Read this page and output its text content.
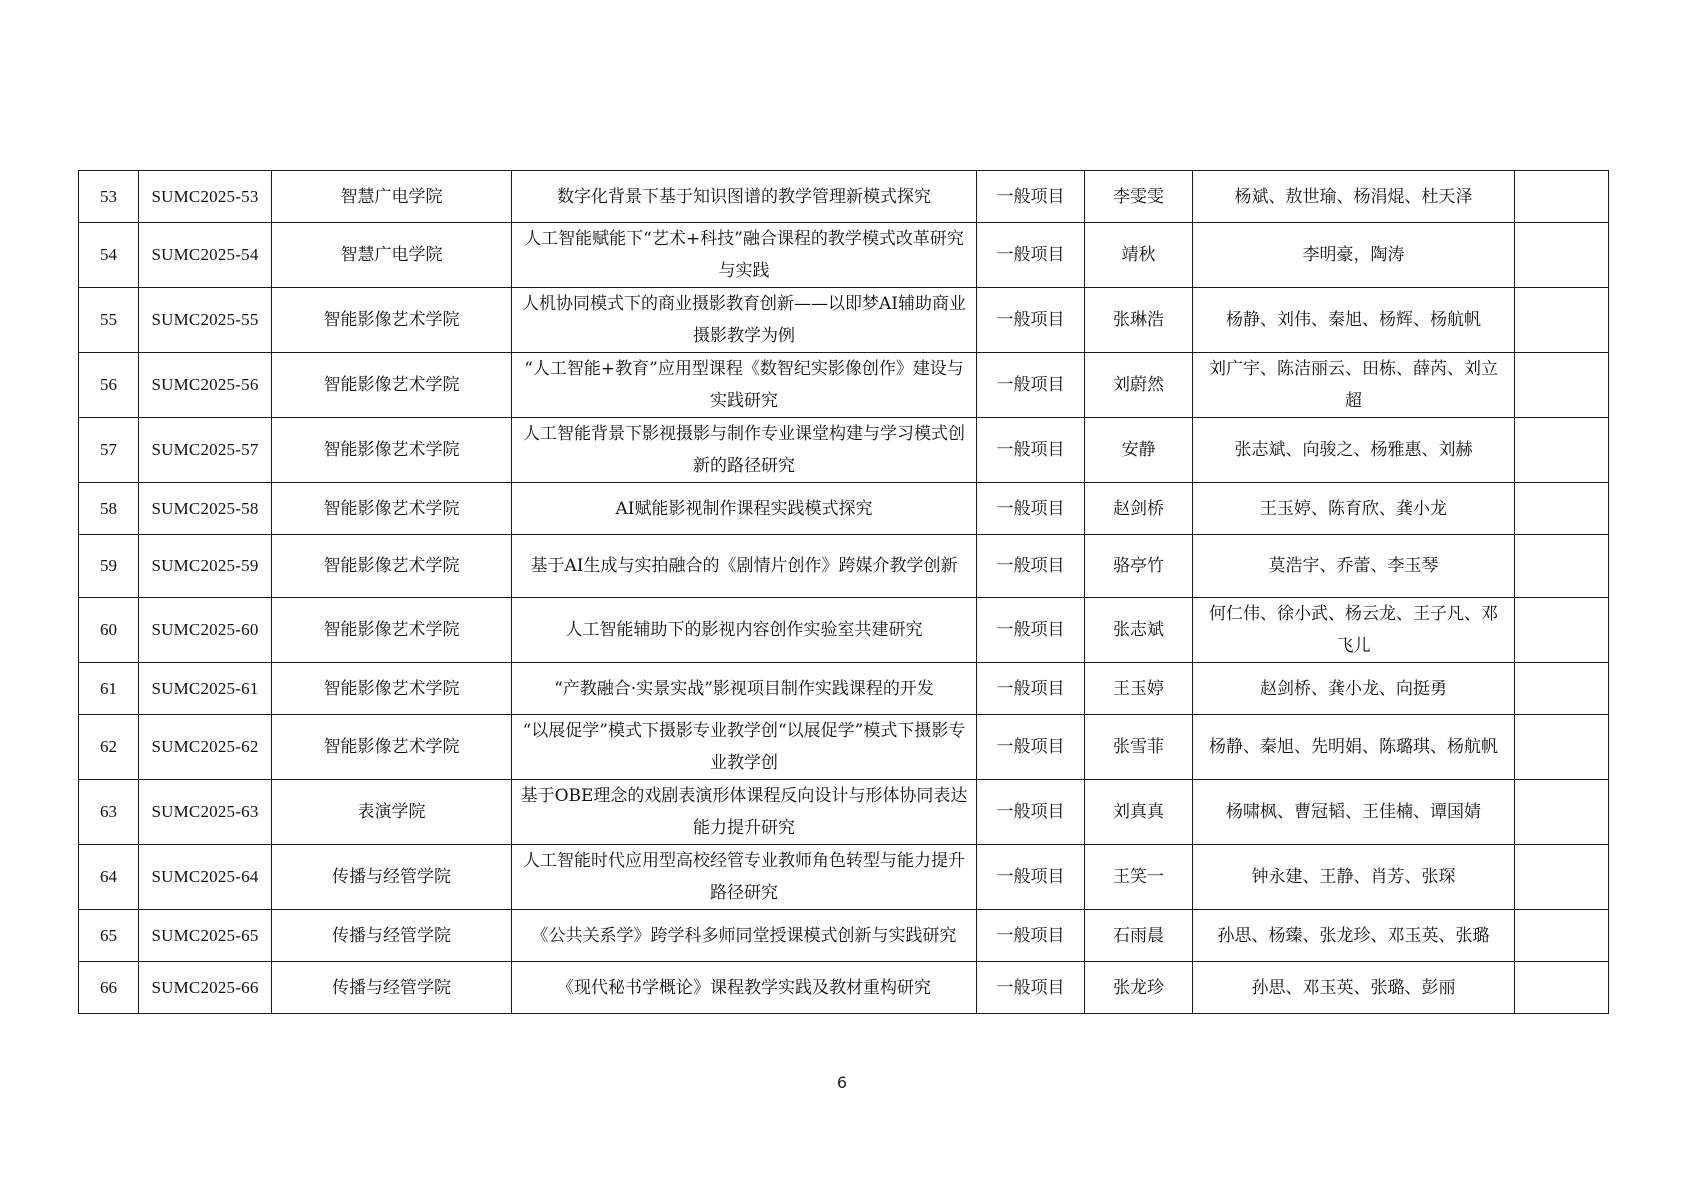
53	SUMC2025-53	智慧广电学院	数字化背景下基于知识图谱的教学管理新模式探究	一般项目	李雯雯	杨斌、敖世瑜、杨涓焜、杜天泽	
54	SUMC2025-54	智慧广电学院	人工智能赋能下“艺术+科技”融合课程的教学模式改革研究与实践	一般项目	靖秋	李明豪，陶涛	
55	SUMC2025-55	智能影像艺术学院	人机协同模式下的商业摄影教育创新——以即梦AI辅助商业摄影教学为例	一般项目	张琳浩	杨静、刘伟、秦旭、杨辉、杨航帆	
56	SUMC2025-56	智能影像艺术学院	“人工智能+教育”应用型课程《数智纪实影像创作》建设与实践研究	一般项目	刘蔚然	刘广宇、陈洁丽云、田栋、薛芮、刘立超	
57	SUMC2025-57	智能影像艺术学院	人工智能背景下影视摄影与制作专业课堂构建与学习模式创新的路径研究	一般项目	安静	张志斌、向骏之、杨雅惠、刘赫	
58	SUMC2025-58	智能影像艺术学院	AI赋能影视制作课程实践模式探究	一般项目	赵剑桥	王玉婷、陈育欣、龚小龙	
59	SUMC2025-59	智能影像艺术学院	基于AI生成与实拍融合的《剧情片创作》跨媒介教学创新	一般项目	骆亭竹	莫浩宇、乔蕾、李玉琴	
60	SUMC2025-60	智能影像艺术学院	人工智能辅助下的影视内容创作实验室共建研究	一般项目	张志斌	何仁伟、徐小武、杨云龙、王子凡、邓飞儿	
61	SUMC2025-61	智能影像艺术学院	“产教融合·实景实战”影视项目制作实践课程的开发	一般项目	王玉婷	赵剑桥、龚小龙、向挺勇	
62	SUMC2025-62	智能影像艺术学院	“以展促学”模式下摄影专业教学创“以展促学”模式下摄影专业教学创	一般项目	张雪菲	杨静、秦旭、先明娟、陈璐琪、杨航帆	
63	SUMC2025-63	表演学院	基于OBE理念的戏剧表演形体课程反向设计与形体协同表达能力提升研究	一般项目	刘真真	杨啸枫、曹冠韬、王佳楠、谭国婧	
64	SUMC2025-64	传播与经管学院	人工智能时代应用型高校经管专业教师角色转型与能力提升路径研究	一般项目	王笑一	钟永建、王静、肖芳、张琛	
65	SUMC2025-65	传播与经管学院	《公共关系学》跨学科多师同堂授课模式创新与实践研究	一般项目	石雨晨	孙思、杨臻、张龙珍、邓玉英、张璐	
66	SUMC2025-66	传播与经管学院	《现代秘书学概论》课程教学实践及教材重构研究	一般项目	张龙珍	孙思、邓玉英、张璐、彭丽	
6
